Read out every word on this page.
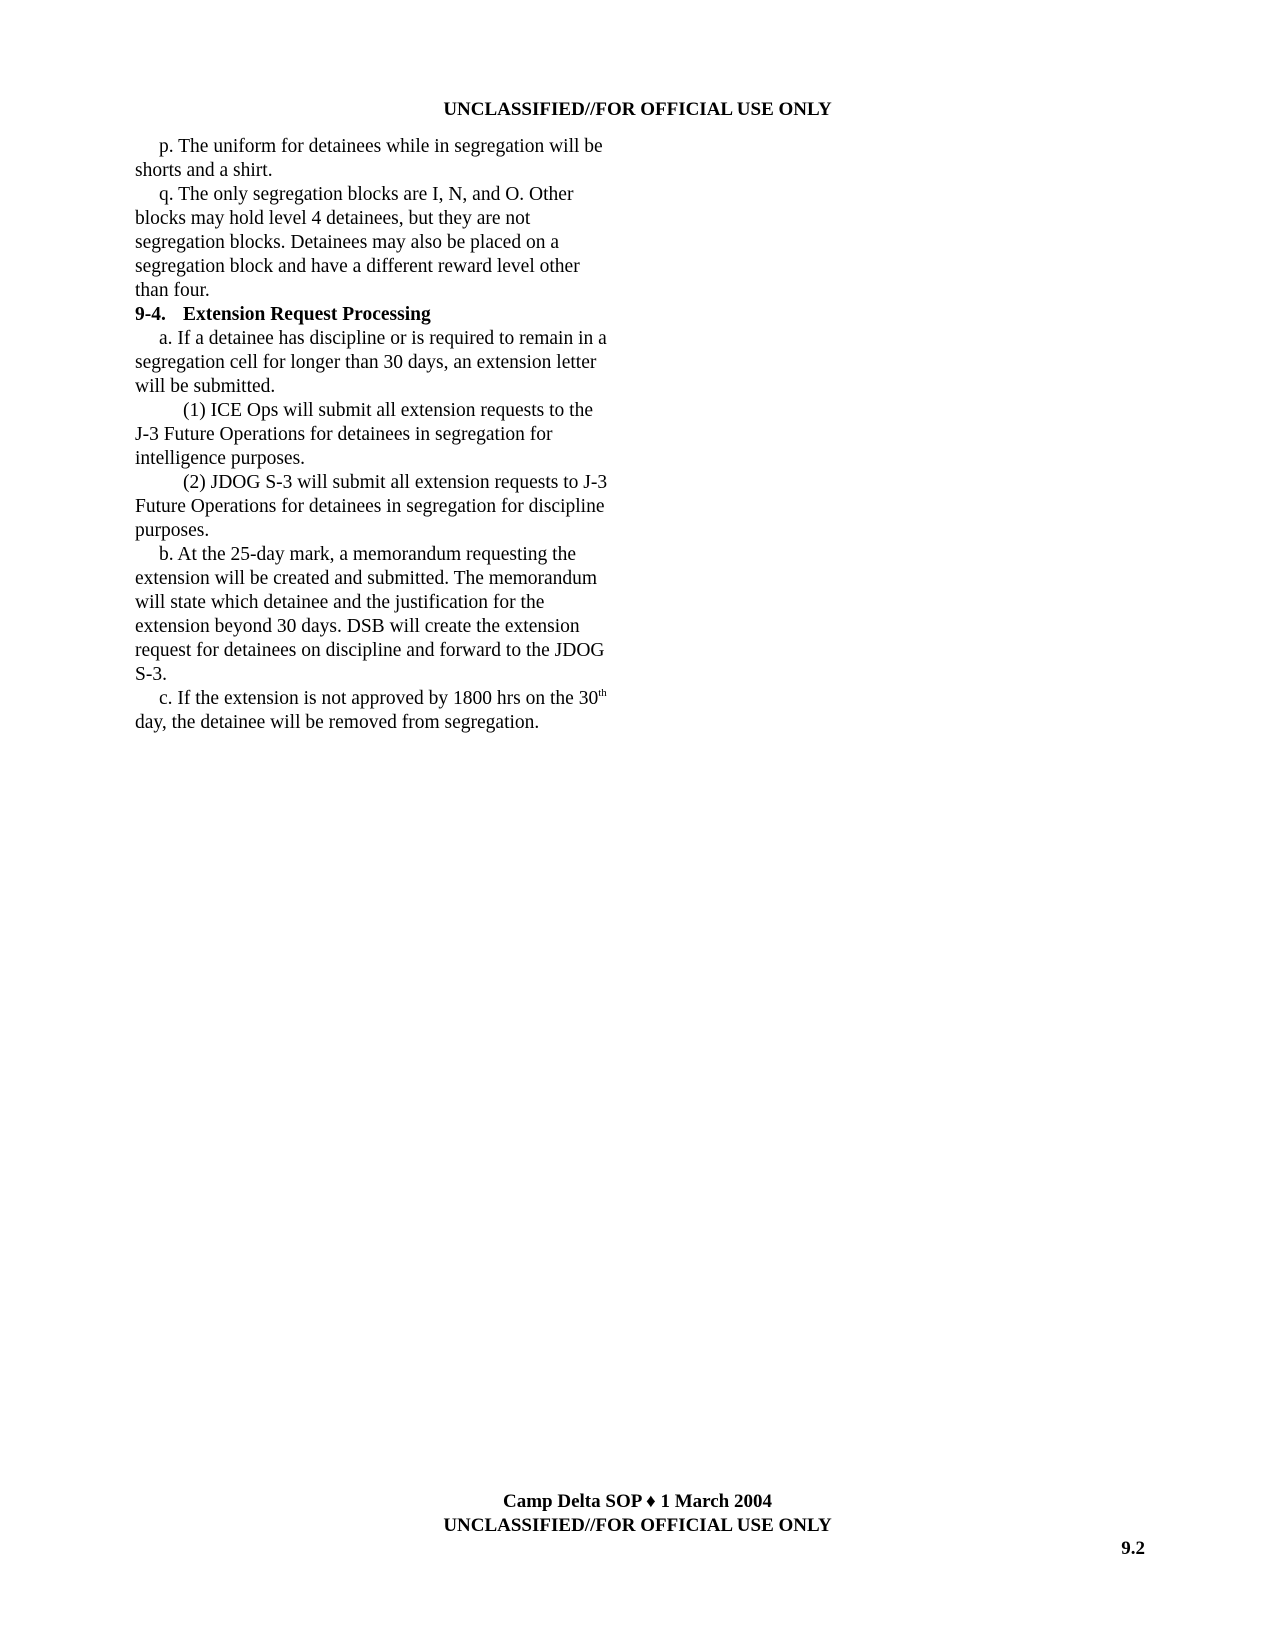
UNCLASSIFIED//FOR OFFICIAL USE ONLY

p. The uniform for detainees while in segregation will be shorts and a shirt.

q. The only segregation blocks are I, N, and O. Other blocks may hold level 4 detainees, but they are not segregation blocks. Detainees may also be placed on a segregation block and have a different reward level other than four.

9-4. Extension Request Processing

a. If a detainee has discipline or is required to remain in a segregation cell for longer than 30 days, an extension letter will be submitted.

(1) ICE Ops will submit all extension requests to the J-3 Future Operations for detainees in segregation for intelligence purposes.

(2) JDOG S-3 will submit all extension requests to J-3 Future Operations for detainees in segregation for discipline purposes.

b. At the 25-day mark, a memorandum requesting the extension will be created and submitted. The memorandum will state which detainee and the justification for the extension beyond 30 days. DSB will create the extension request for detainees on discipline and forward to the JDOG S-3.

c. If the extension is not approved by 1800 hrs on the 30th day, the detainee will be removed from segregation.

Camp Delta SOP ♦ 1 March 2004
UNCLASSIFIED//FOR OFFICIAL USE ONLY
9.2
